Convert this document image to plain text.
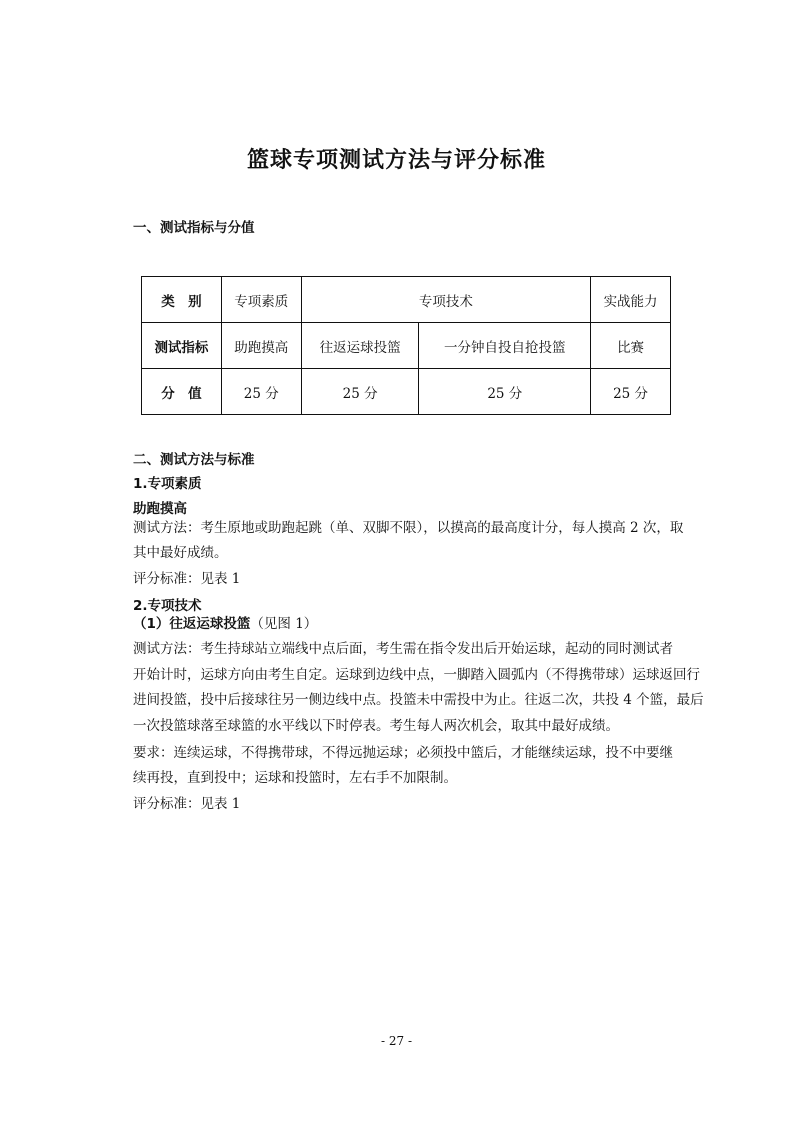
篮球专项测试方法与评分标准
一、测试指标与分值
类　别	专项素质	专项技术		实战能力
测试指标	助跑摸高	往返运球投篮	一分钟自投自抢投篮	比赛
分　值	25 分	25 分	25 分	25 分
二、测试方法与标准
1.专项素质
助跑摸高
测试方法：考生原地或助跑起跳（单、双脚不限），以摸高的最高度计分，每人摸高 2 次，取
其中最好成绩。
评分标准：见表 1
2.专项技术
（1）往返运球投篮（见图 1）
测试方法：考生持球站立端线中点后面，考生需在指令发出后开始运球，起动的同时测试者
开始计时，运球方向由考生自定。运球到边线中点，一脚踏入圆弧内（不得携带球）运球返回行
进间投篮，投中后接球往另一侧边线中点。投篮未中需投中为止。往返二次，共投 4 个篮，最后
一次投篮球落至球篮的水平线以下时停表。考生每人两次机会，取其中最好成绩。
要求：连续运球，不得携带球，不得远抛运球；必须投中篮后，才能继续运球，投不中要继
续再投，直到投中；运球和投篮时，左右手不加限制。
评分标准：见表 1
- 27 -
